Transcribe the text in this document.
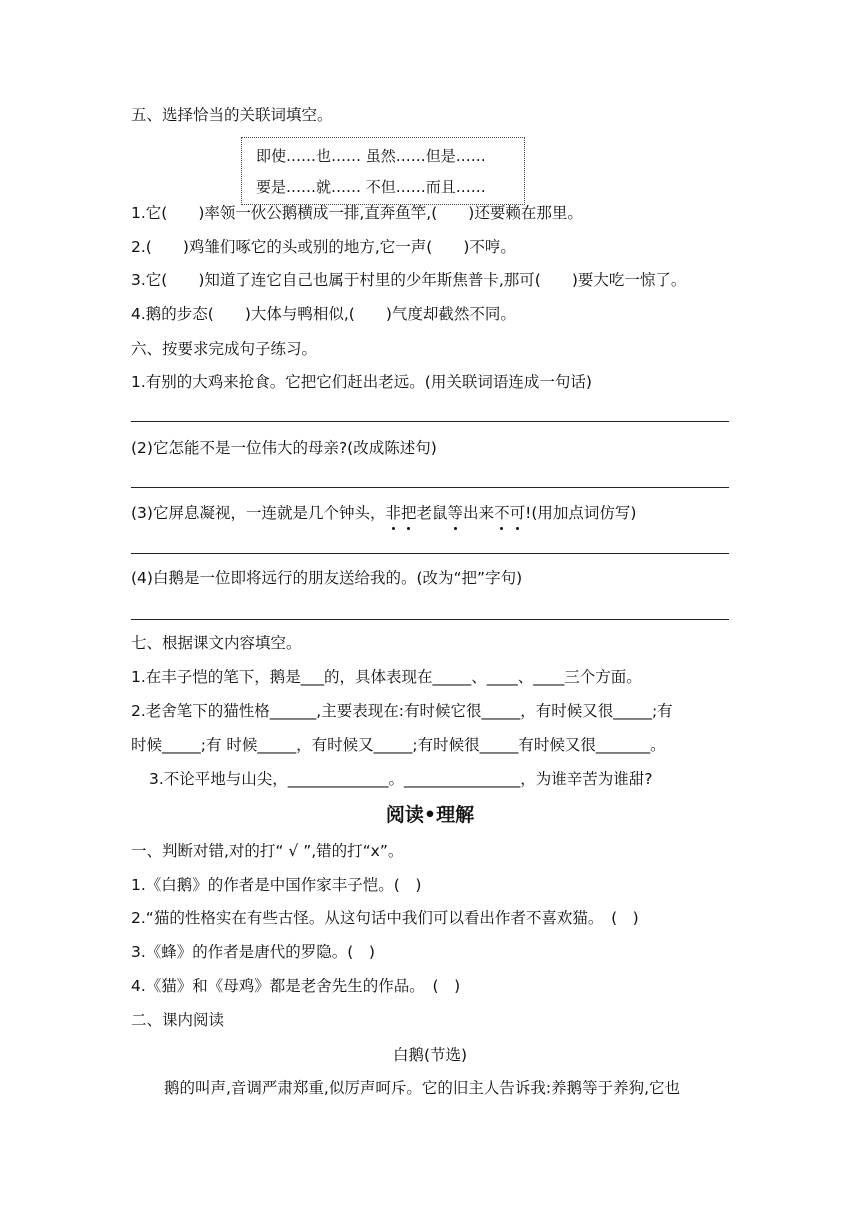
五、选择恰当的关联词填空。
即使……也…… 虽然……但是……
要是……就…… 不但……而且……
1.它(　　)率领一伙公鹅横成一排,直奔鱼竿,(　　)还要赖在那里。
2.(　　)鸡雏们啄它的头或别的地方,它一声(　　)不哼。
3.它(　　)知道了连它自己也属于村里的少年斯焦普卡,那可(　　)要大吃一惊了。
4.鹅的步态(　　)大体与鸭相似,(　　)气度却截然不同。
六、按要求完成句子练习。
1.有别的大鸡来抢食。它把它们赶出老远。(用关联词语连成一句话)
(2)它怎能不是一位伟大的母亲?(改成陈述句)
(3)它屏息凝视，一连就是几个钟头，非
把
老鼠等
出来不
可
!(用加点词仿写)
(4)白鹅是一位即将远行的朋友送给我的。(改为“把”字句)
七、根据课文内容填空。
1.在丰子恺的笔下，鹅是___的，具体表现在_____、____、____三个方面。
2.老舍笔下的猫性格______,主要表现在:有时候它很_____，有时候又很_____;有
时候_____;有 时候_____，有时候又_____;有时候很_____有时候又很_______。
3.不论平地与山尖，_____________。_______________，为谁辛苦为谁甜?
阅读•理解
一、判断对错,对的打“ √ ”,错的打“x”。
1.《白鹅》的作者是中国作家丰子恺。(　)
2.“猫的性格实在有些古怪。从这句话中我们可以看出作者不喜欢猫。　(　)
3.《蜂》的作者是唐代的罗隐。(　)
4.《猫》和《母鸡》都是老舍先生的作品。　(　)
二、课内阅读
白鹅(节选)
鹅的叫声,音调严肃郑重,似厉声呵斥。它的旧主人告诉我:养鹅等于养狗,它也
